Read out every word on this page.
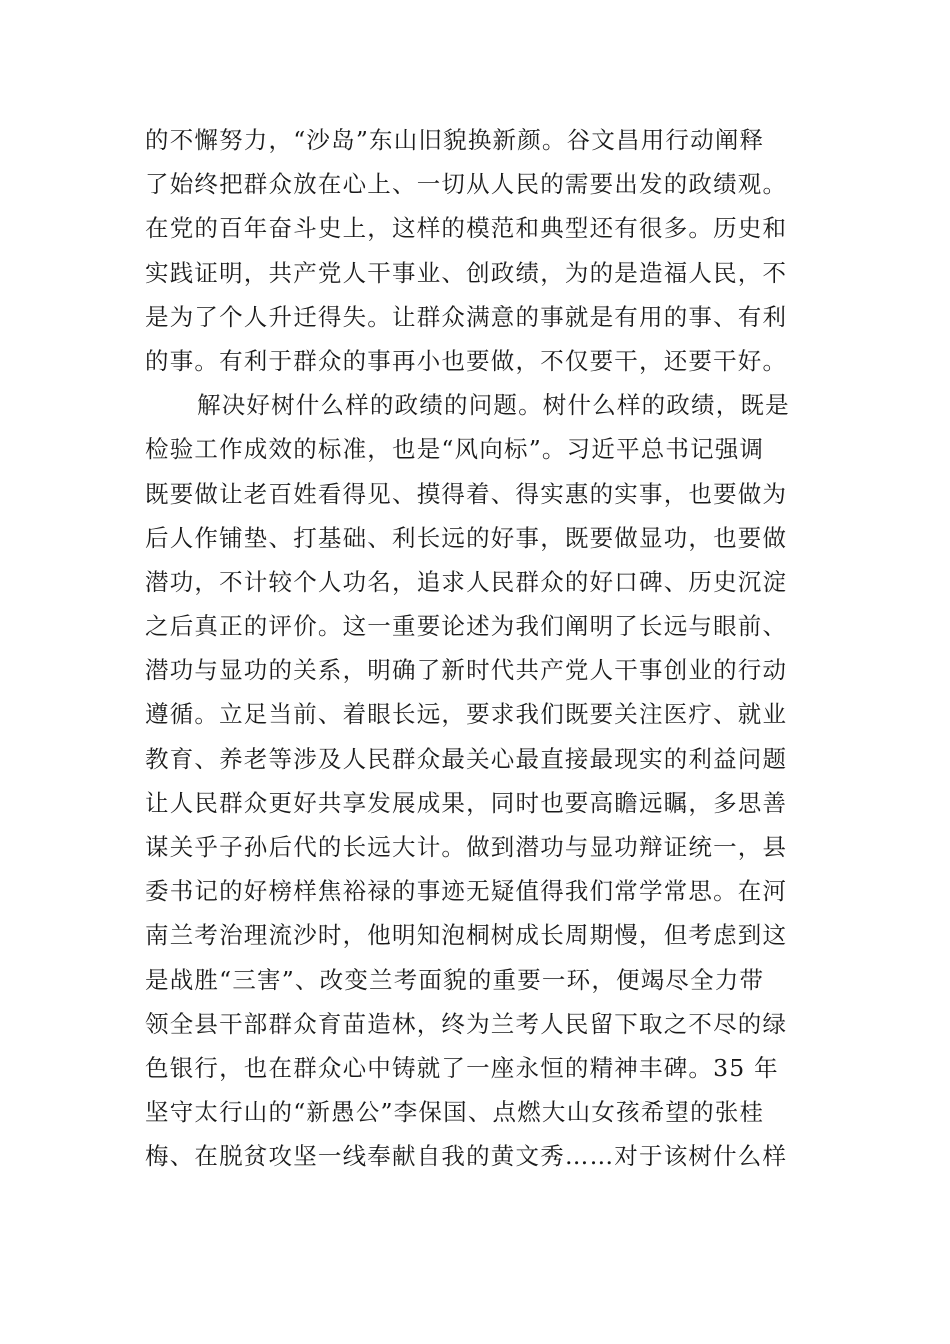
的不懈努力，“沙岛”东山旧貌换新颜。谷文昌用行动阐释
了始终把群众放在心上、一切从人民的需要出发的政绩观。
在党的百年奋斗史上，这样的模范和典型还有很多。历史和
实践证明，共产党人干事业、创政绩，为的是造福人民，不
是为了个人升迁得失。让群众满意的事就是有用的事、有利
的事。有利于群众的事再小也要做，不仅要干，还要干好。
解决好树什么样的政绩的问题。树什么样的政绩，既是
检验工作成效的标准，也是“风向标”。习近平总书记强调
既要做让老百姓看得见、摸得着、得实惠的实事，也要做为
后人作铺垫、打基础、利长远的好事，既要做显功，也要做
潜功，不计较个人功名，追求人民群众的好口碑、历史沉淀
之后真正的评价。这一重要论述为我们阐明了长远与眼前、
潜功与显功的关系，明确了新时代共产党人干事创业的行动
遵循。立足当前、着眼长远，要求我们既要关注医疗、就业
教育、养老等涉及人民群众最关心最直接最现实的利益问题
让人民群众更好共享发展成果，同时也要高瞻远瞩，多思善
谋关乎子孙后代的长远大计。做到潜功与显功辩证统一，县
委书记的好榜样焦裕禄的事迹无疑值得我们常学常思。在河
南兰考治理流沙时，他明知泡桐树成长周期慢，但考虑到这
是战胜“三害”、改变兰考面貌的重要一环，便竭尽全力带
领全县干部群众育苗造林，终为兰考人民留下取之不尽的绿
色银行，也在群众心中铸就了一座永恒的精神丰碑。35 年
坚守太行山的“新愚公”李保国、点燃大山女孩希望的张桂
梅、在脱贫攻坚一线奉献自我的黄文秀……对于该树什么样
